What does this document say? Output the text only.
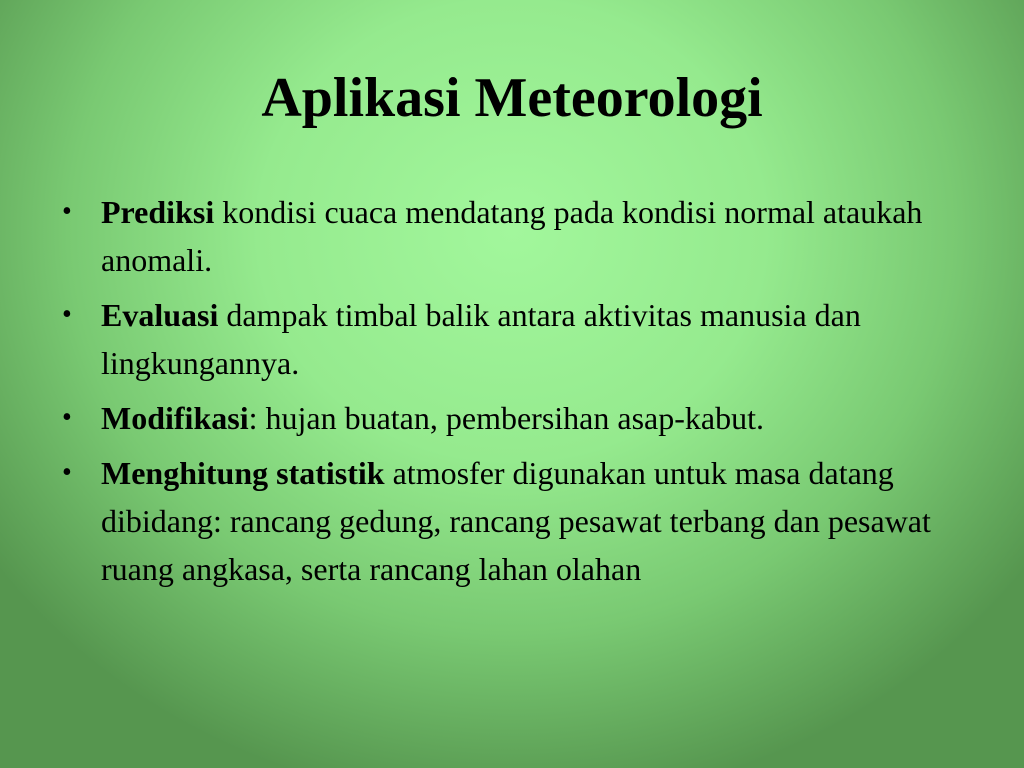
Aplikasi Meteorologi
• Prediksi kondisi cuaca mendatang pada kondisi normal ataukah anomali.
• Evaluasi dampak timbal balik antara aktivitas manusia dan lingkungannya.
• Modifikasi: hujan buatan, pembersihan asap-kabut.
• Menghitung statistik atmosfer digunakan untuk masa datang dibidang: rancang gedung, rancang pesawat terbang dan pesawat ruang angkasa, serta rancang lahan olahan
